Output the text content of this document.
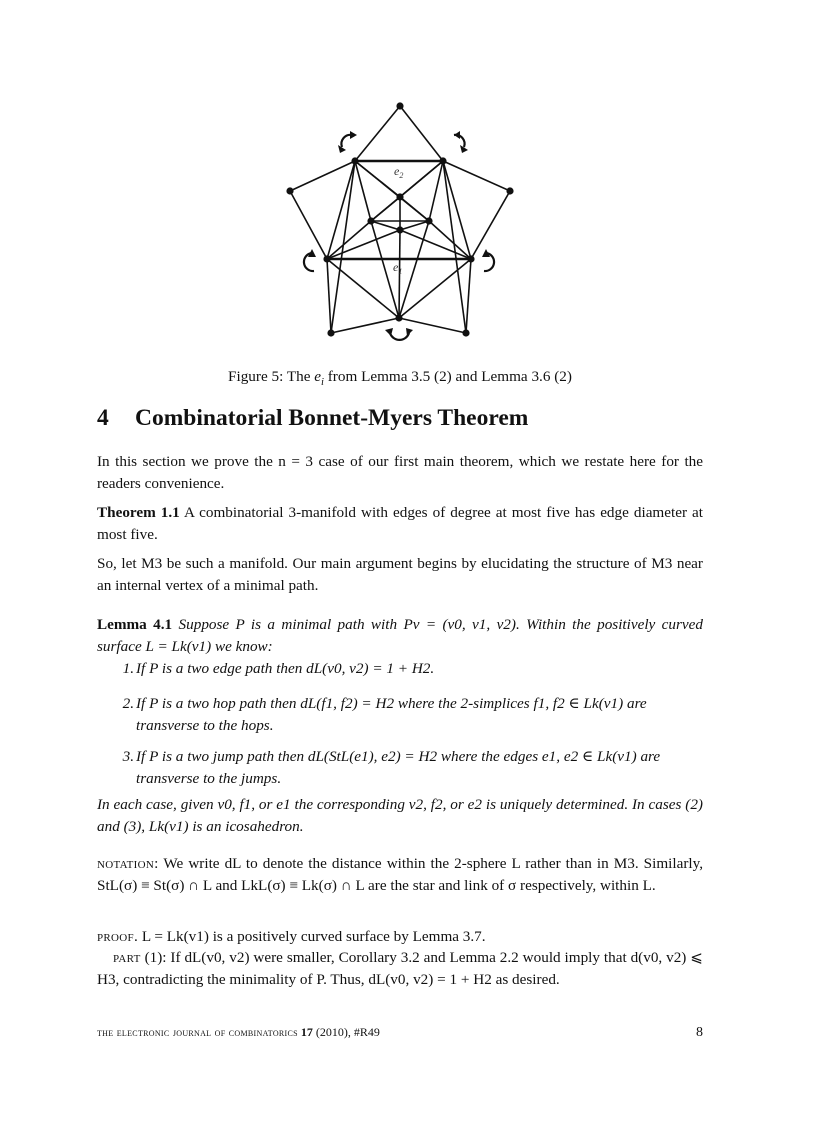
$e_2$
$e_1$
Figure 5: The $e_i$ from Lemma 3.5 (2) and Lemma 3.6 (2)
4 Combinatorial Bonnet-Myers Theorem
In this section we prove the n = 3 case of our first main theorem, which we restate here for the readers convenience.
Theorem 1.1 A combinatorial 3-manifold with edges of degree at most five has edge diameter at most five.
So, let M3 be such a manifold. Our main argument begins by elucidating the structure of M3 near an internal vertex of a minimal path.
Lemma 4.1 Suppose P is a minimal path with Pv = (v0, v1, v2). Within the positively curved surface L = Lk(v1) we know:
1. If P is a two edge path then dL(v0, v2) = 1 + H2.
2. If P is a two hop path then dL(f1, f2) = H2 where the 2-simplices f1, f2 ∈ Lk(v1) are transverse to the hops.
3. If P is a two jump path then dL(StL(e1), e2) = H2 where the edges e1, e2 ∈ Lk(v1) are transverse to the jumps.
In each case, given v0, f1, or e1 the corresponding v2, f2, or e2 is uniquely determined. In cases (2) and (3), Lk(v1) is an icosahedron.
notation: We write dL to denote the distance within the 2-sphere L rather than in M3. Similarly, StL(σ) ≡ St(σ) ∩ L and LkL(σ) ≡ Lk(σ) ∩ L are the star and link of σ respectively, within L.
proof. L = Lk(v1) is a positively curved surface by Lemma 3.7.
part (1): If dL(v0, v2) were smaller, Corollary 3.2 and Lemma 2.2 would imply that d(v0, v2) ⩽ H3, contradicting the minimality of P. Thus, dL(v0, v2) = 1 + H2 as desired.
the electronic journal of combinatorics 17 (2010), #R49	8
